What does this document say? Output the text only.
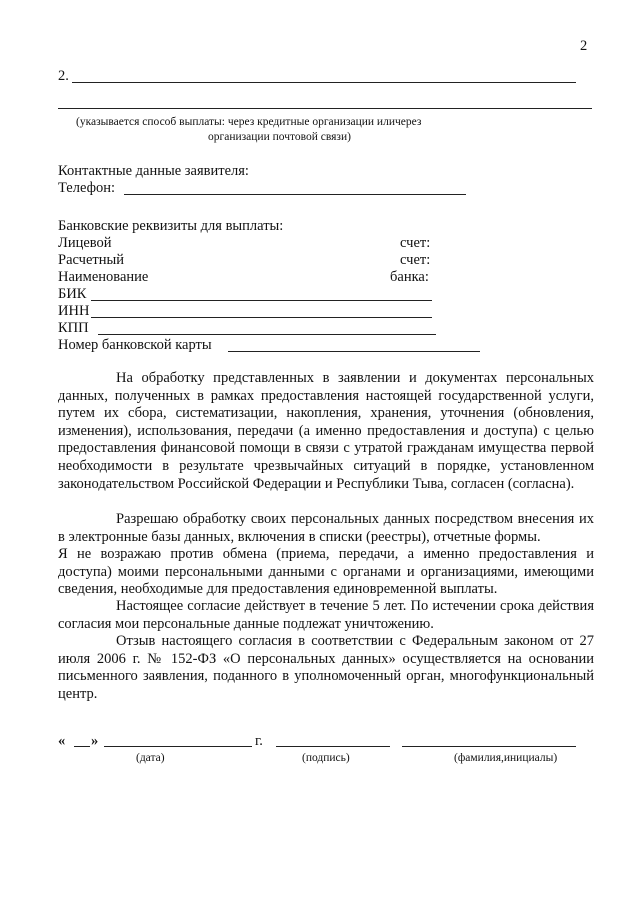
2
2.
(указывается способ выплаты: через кредитные организации иличерез
организации почтовой связи)
Контактные данные заявителя:
Телефон:
Банковские реквизиты для выплаты:
Лицевой	счет:
Расчетный	счет:
Наименование	банка:
БИК
ИНН
КПП
Номер банковской карты
На обработку представленных в заявлении и документах персональных данных, полученных в рамках предоставления настоящей государственной услуги, путем их сбора, систематизации, накопления, хранения, уточнения (обновления, изменения), использования, передачи (а именно предоставления и доступа) с целью предоставления финансовой помощи в связи с утратой гражданам имущества первой необходимости в результате чрезвычайных ситуаций в порядке, установленном законодательством Российской Федерации и Республики Тыва, согласен (согласна).
Разрешаю обработку своих персональных данных посредством внесения их в электронные базы данных, включения в списки (реестры), отчетные формы.
Я не возражаю против обмена (приема, передачи, а именно предоставления и доступа) моими персональными данными с органами и организациями, имеющими сведения, необходимые для предоставления единовременной выплаты.
Настоящее согласие действует в течение 5 лет. По истечении срока действия согласия мои персональные данные подлежат уничтожению.
Отзыв настоящего согласия в соответствии с Федеральным законом от 27 июля 2006 г. № 152-ФЗ «О персональных данных» осуществляется на основании письменного заявления, поданного в уполномоченный орган, многофункциональный центр.
« »	г.
(дата)	(подпись)	(фамилия,инициалы)
